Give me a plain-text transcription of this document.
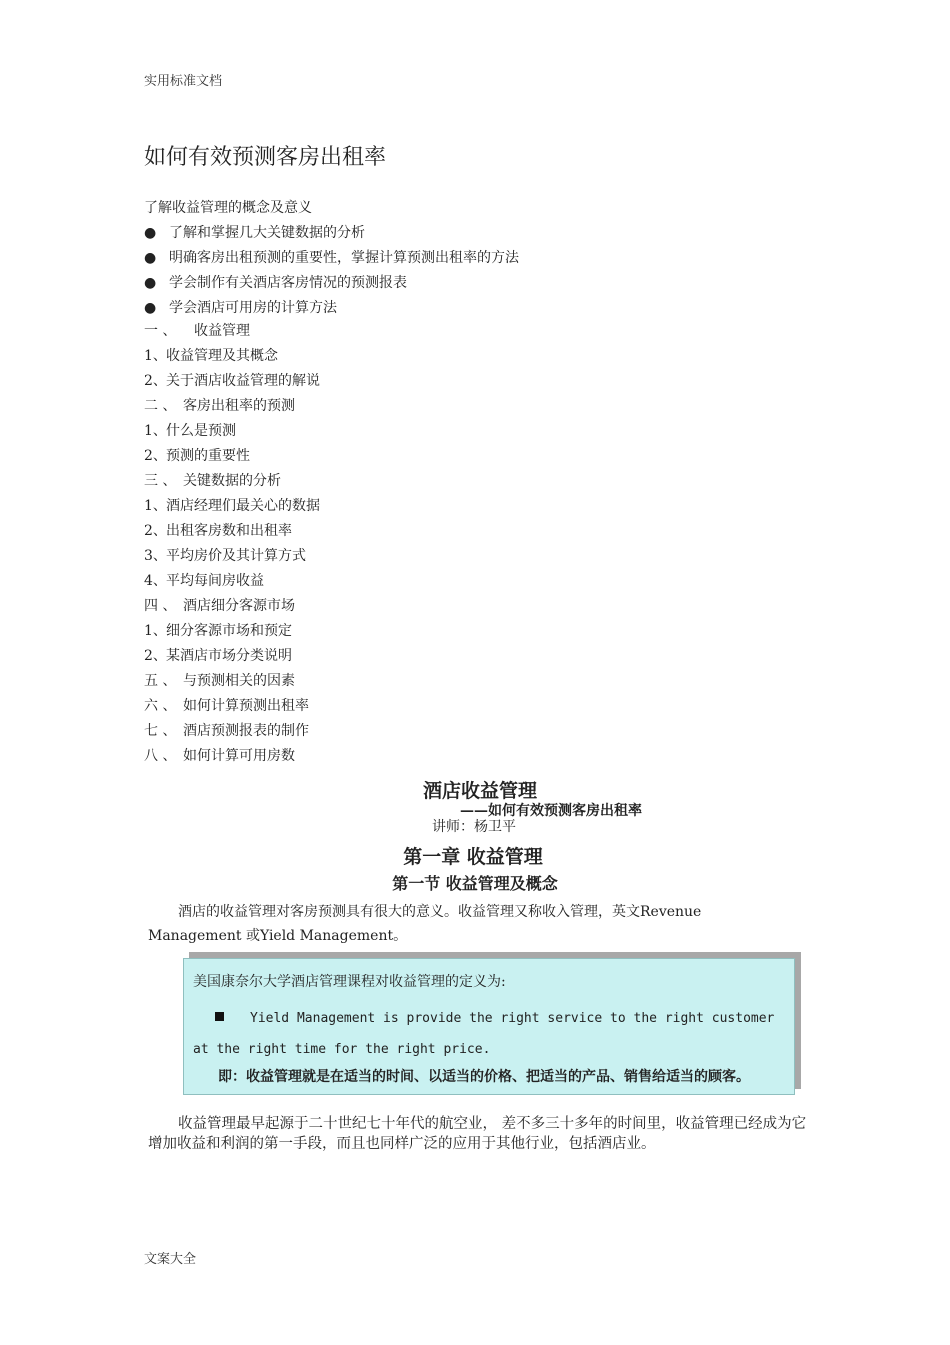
实用标准文档
如何有效预测客房出租率
了解收益管理的概念及意义
● 了解和掌握几大关键数据的分析
● 明确客房出租预测的重要性，掌握计算预测出租率的方法
● 学会制作有关酒店客房情况的预测报表
● 学会酒店可用房的计算方法
一 、 收益管理
1、收益管理及其概念
2、关于酒店收益管理的解说
二 、 客房出租率的预测
1、什么是预测
2、预测的重要性
三 、 关键数据的分析
1、酒店经理们最关心的数据
2、出租客房数和出租率
3、平均房价及其计算方式
4、平均每间房收益
四 、 酒店细分客源市场
1、细分客源市场和预定
2、某酒店市场分类说明
五 、 与预测相关的因素
六 、 如何计算预测出租率
七 、 酒店预测报表的制作
八 、 如何计算可用房数
酒店收益管理
——如何有效预测客房出租率
讲师：杨卫平
第一章 收益管理
第一节 收益管理及概念
酒店的收益管理对客房预测具有很大的意义。收益管理又称收入管理，英文Revenue Management 或Yield Management。
美国康奈尔大学酒店管理课程对收益管理的定义为:
Yield Management is provide the right service to the right customer at the right time for the right price.
即：收益管理就是在适当的时间、以适当的价格、把适当的产品、销售给适当的顾客。
收益管理最早起源于二十世纪七十年代的航空业， 差不多三十多年的时间里，收益管理已经成为它增加收益和利润的第一手段，而且也同样广泛的应用于其他行业，包括酒店业。
文案大全
